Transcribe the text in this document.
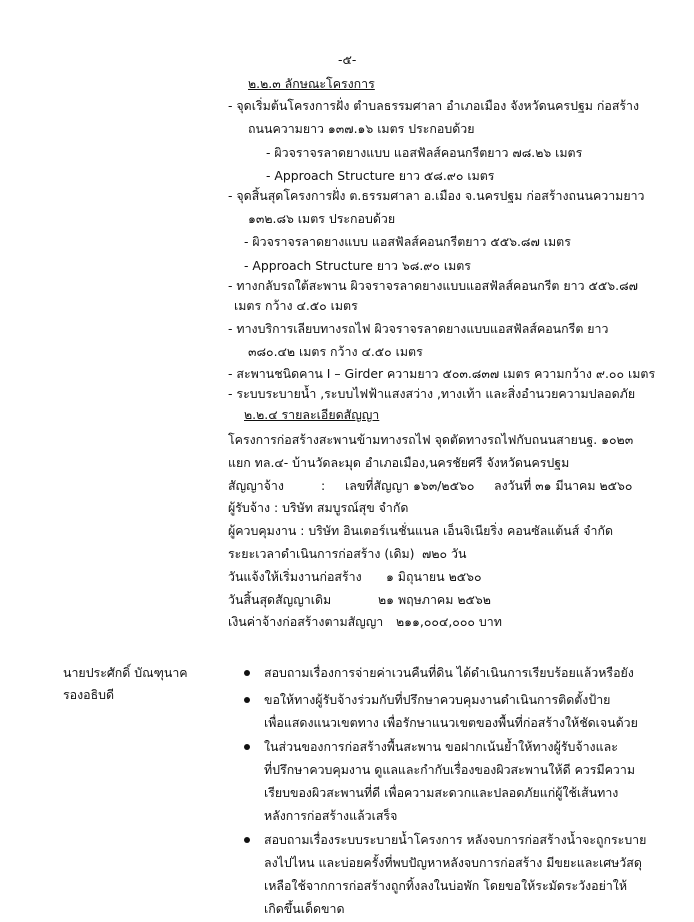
-๕-
๒.๒.๓ ลักษณะโครงการ
- จุดเริ่มต้นโครงการฝั่ง ตำบลธรรมศาลา อำเภอเมือง จังหวัดนครปฐม ก่อสร้าง
ถนนความยาว ๑๓๗.๑๖ เมตร ประกอบด้วย
- ผิวจราจรลาดยางแบบ แอสฟัลส์คอนกรีตยาว ๗๘.๒๖ เมตร
- Approach Structure ยาว ๕๘.๙๐ เมตร
- จุดสิ้นสุดโครงการฝั่ง ต.ธรรมศาลา อ.เมือง จ.นครปฐม ก่อสร้างถนนความยาว
๑๓๒.๘๖ เมตร ประกอบด้วย
- ผิวจราจรลาดยางแบบ แอสฟัลส์คอนกรีตยาว ๕๕๖.๘๗ เมตร
- Approach Structure ยาว ๖๘.๙๐ เมตร
- ทางกลับรถใต้สะพาน ผิวจราจรลาดยางแบบแอสฟัลส์คอนกรีต ยาว ๕๕๖.๘๗
เมตร กว้าง ๔.๕๐ เมตร
- ทางบริการเลียบทางรถไฟ ผิวจราจรลาดยางแบบแอสฟัลส์คอนกรีต ยาว
๓๘๐.๔๒ เมตร กว้าง ๔.๕๐ เมตร
- สะพานชนิดคาน I – Girder ความยาว ๕๐๓.๘๓๗ เมตร ความกว้าง ๙.๐๐ เมตร
- ระบบระบายน้ำ ,ระบบไฟฟ้าแสงสว่าง ,ทางเท้า และสิ่งอำนวยความปลอดภัย
๒.๒.๔ รายละเอียดสัญญา
โครงการก่อสร้างสะพานข้ามทางรถไฟ จุดตัดทางรถไฟกับถนนสายนฐ. ๑๐๒๓
แยก ทล.๔- บ้านวัดละมุด อำเภอเมือง,นครชัยศรี จังหวัดนครปฐม
สัญญาจ้าง	: เลขที่สัญญา ๑๖๓/๒๕๖๐ ลงวันที่ ๓๑ มีนาคม ๒๕๖๐
ผู้รับจ้าง : บริษัท สมบูรณ์สุข จำกัด
ผู้ควบคุมงาน : บริษัท อินเตอร์เนชั่นแนล เอ็นจิเนียริ่ง คอนซัลแต้นส์ จำกัด
ระยะเวลาดำเนินการก่อสร้าง (เดิม) ๗๒๐ วัน
วันแจ้งให้เริ่มงานก่อสร้าง ๑ มิถุนายน ๒๕๖๐
วันสิ้นสุดสัญญาเดิม	๒๑ พฤษภาคม ๒๕๖๒
เงินค่าจ้างก่อสร้างตามสัญญา ๒๑๑,๐๐๔,๐๐๐ บาท
นายประศักดิ์ บัณฑุนาค
รองอธิบดี
สอบถามเรื่องการจ่ายค่าเวนคืนที่ดิน ได้ดำเนินการเรียบร้อยแล้วหรือยัง
ขอให้ทางผู้รับจ้างร่วมกับที่ปรึกษาควบคุมงานดำเนินการติดตั้งป้าย
เพื่อแสดงแนวเขตทาง เพื่อรักษาแนวเขตของพื้นที่ก่อสร้างให้ชัดเจนด้วย
ในส่วนของการก่อสร้างพื้นสะพาน ขอฝากเน้นย้ำให้ทางผู้รับจ้างและ
ที่ปรึกษาควบคุมงาน ดูแลและกำกับเรื่องของผิวสะพานให้ดี ควรมีความ
เรียบของผิวสะพานที่ดี เพื่อความสะดวกและปลอดภัยแก่ผู้ใช้เส้นทาง
หลังการก่อสร้างแล้วเสร็จ
สอบถามเรื่องระบบระบายน้ำโครงการ หลังจบการก่อสร้างน้ำจะถูกระบาย
ลงไปไหน และบ่อยครั้งที่พบปัญหาหลังจบการก่อสร้าง มีขยะและเศษวัสดุ
เหลือใช้จากการก่อสร้างถูกทิ้งลงในบ่อพัก โดยขอให้ระมัดระวังอย่าให้
เกิดขึ้นเด็ดขาด
